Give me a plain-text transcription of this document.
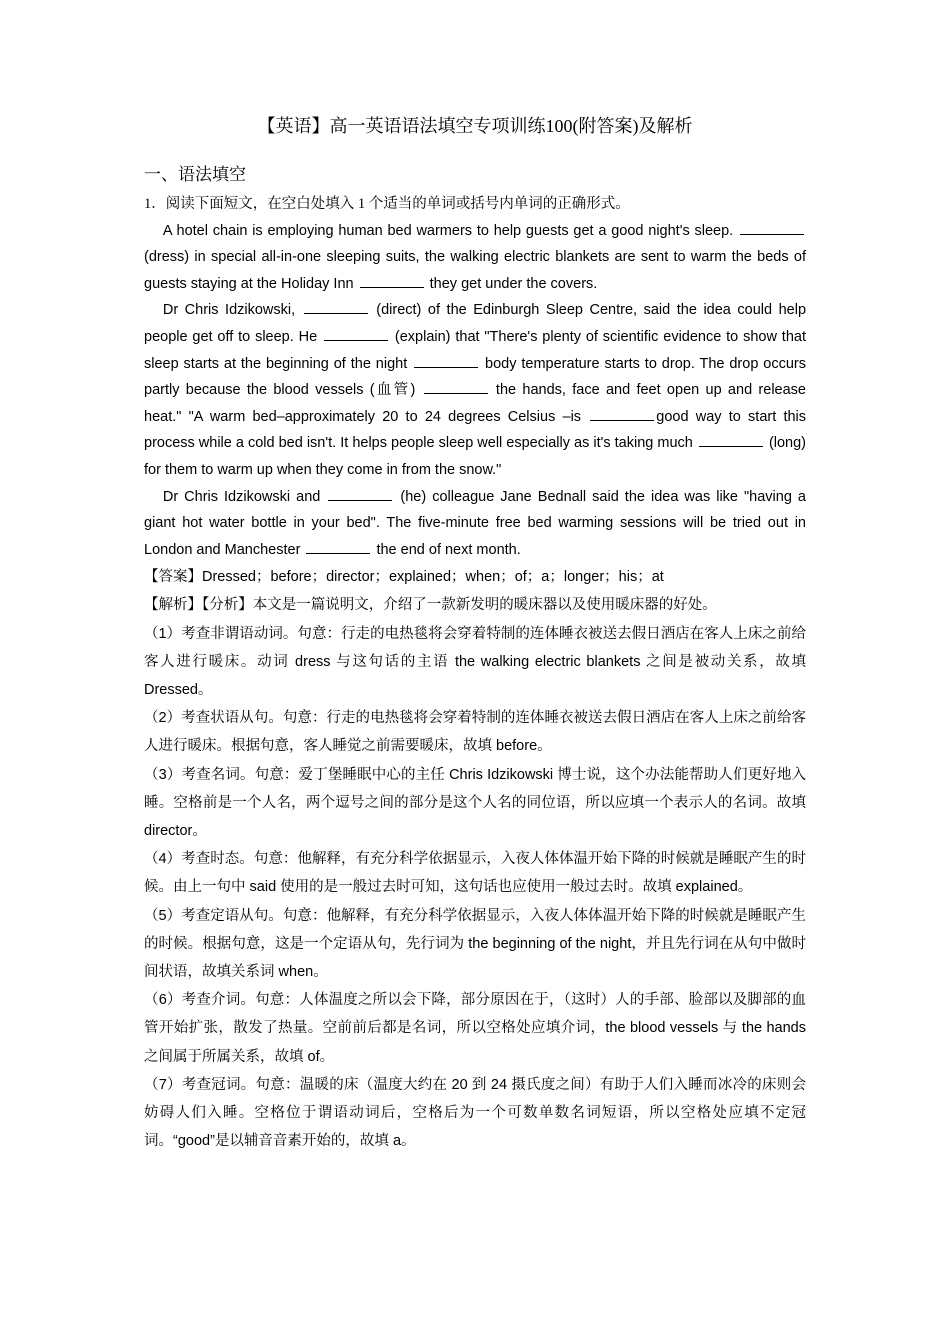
【英语】高一英语语法填空专项训练100(附答案)及解析
一、语法填空

1．阅读下面短文，在空白处填入 1 个适当的单词或括号内单词的正确形式。

A hotel chain is employing human bed warmers to help guests get a good night's sleep.  (dress) in special all-in-one sleeping suits, the walking electric blankets are sent to warm the beds of guests staying at the Holiday Inn	they get under the covers.

Dr Chris Idzikowski,	(direct) of the Edinburgh Sleep Centre, said the idea could help people get off to sleep. He	(explain) that "There's plenty of scientific evidence to show that sleep starts at the beginning of the night	body temperature starts to drop. The drop occurs partly because the blood vessels (血管)	the hands, face and feet open up and release heat." "A warm bed–approximately 20 to 24 degrees Celsius –is	good way to start this process while a cold bed isn't. It helps people sleep well especially as it's taking much	(long) for them to warm up when they come in from the snow."

Dr Chris Idzikowski and	(he) colleague Jane Bednall said the idea was like "having a giant hot water bottle in your bed". The five-minute free bed warming sessions will be tried out in London and Manchester	the end of next month.

【答案】Dressed；before；director；explained；when；of；a；longer；his；at

【解析】【分析】本文是一篇说明文，介绍了一款新发明的暖床器以及使用暖床器的好处。

（1）考查非谓语动词。句意：行走的电热毯将会穿着特制的连体睡衣被送去假日酒店在客人上床之前给客人进行暖床。动词 dress 与这句话的主语 the walking electric blankets 之间是被动关系，故填 Dressed。

（2）考查状语从句。句意：行走的电热毯将会穿着特制的连体睡衣被送去假日酒店在客人上床之前给客人进行暖床。根据句意，客人睡觉之前需要暖床，故填 before。

（3）考查名词。句意：爱丁堡睡眠中心的主任 Chris Idzikowski 博士说，这个办法能帮助人们更好地入睡。空格前是一个人名，两个逗号之间的部分是这个人名的同位语，所以应填一个表示人的名词。故填 director。

（4）考查时态。句意：他解释，有充分科学依据显示，入夜人体体温开始下降的时候就是睡眠产生的时候。由上一句中 said 使用的是一般过去时可知，这句话也应使用一般过去时。故填 explained。

（5）考查定语从句。句意：他解释，有充分科学依据显示，入夜人体体温开始下降的时候就是睡眠产生的时候。根据句意，这是一个定语从句，先行词为 the beginning of the night，并且先行词在从句中做时间状语，故填关系词 when。

（6）考查介词。句意：人体温度之所以会下降，部分原因在于，（这时）人的手部、脸部以及脚部的血管开始扩张，散发了热量。空前前后都是名词，所以空格处应填介词，the blood vessels 与 the hands 之间属于所属关系，故填 of。

（7）考查冠词。句意：温暖的床（温度大约在 20 到 24 摄氏度之间）有助于人们入睡而冰冷的床则会妨碍人们入睡。空格位于谓语动词后，空格后为一个可数单数名词短语，所以空格处应填不定冠词。“good”是以辅音音素开始的，故填 a。
